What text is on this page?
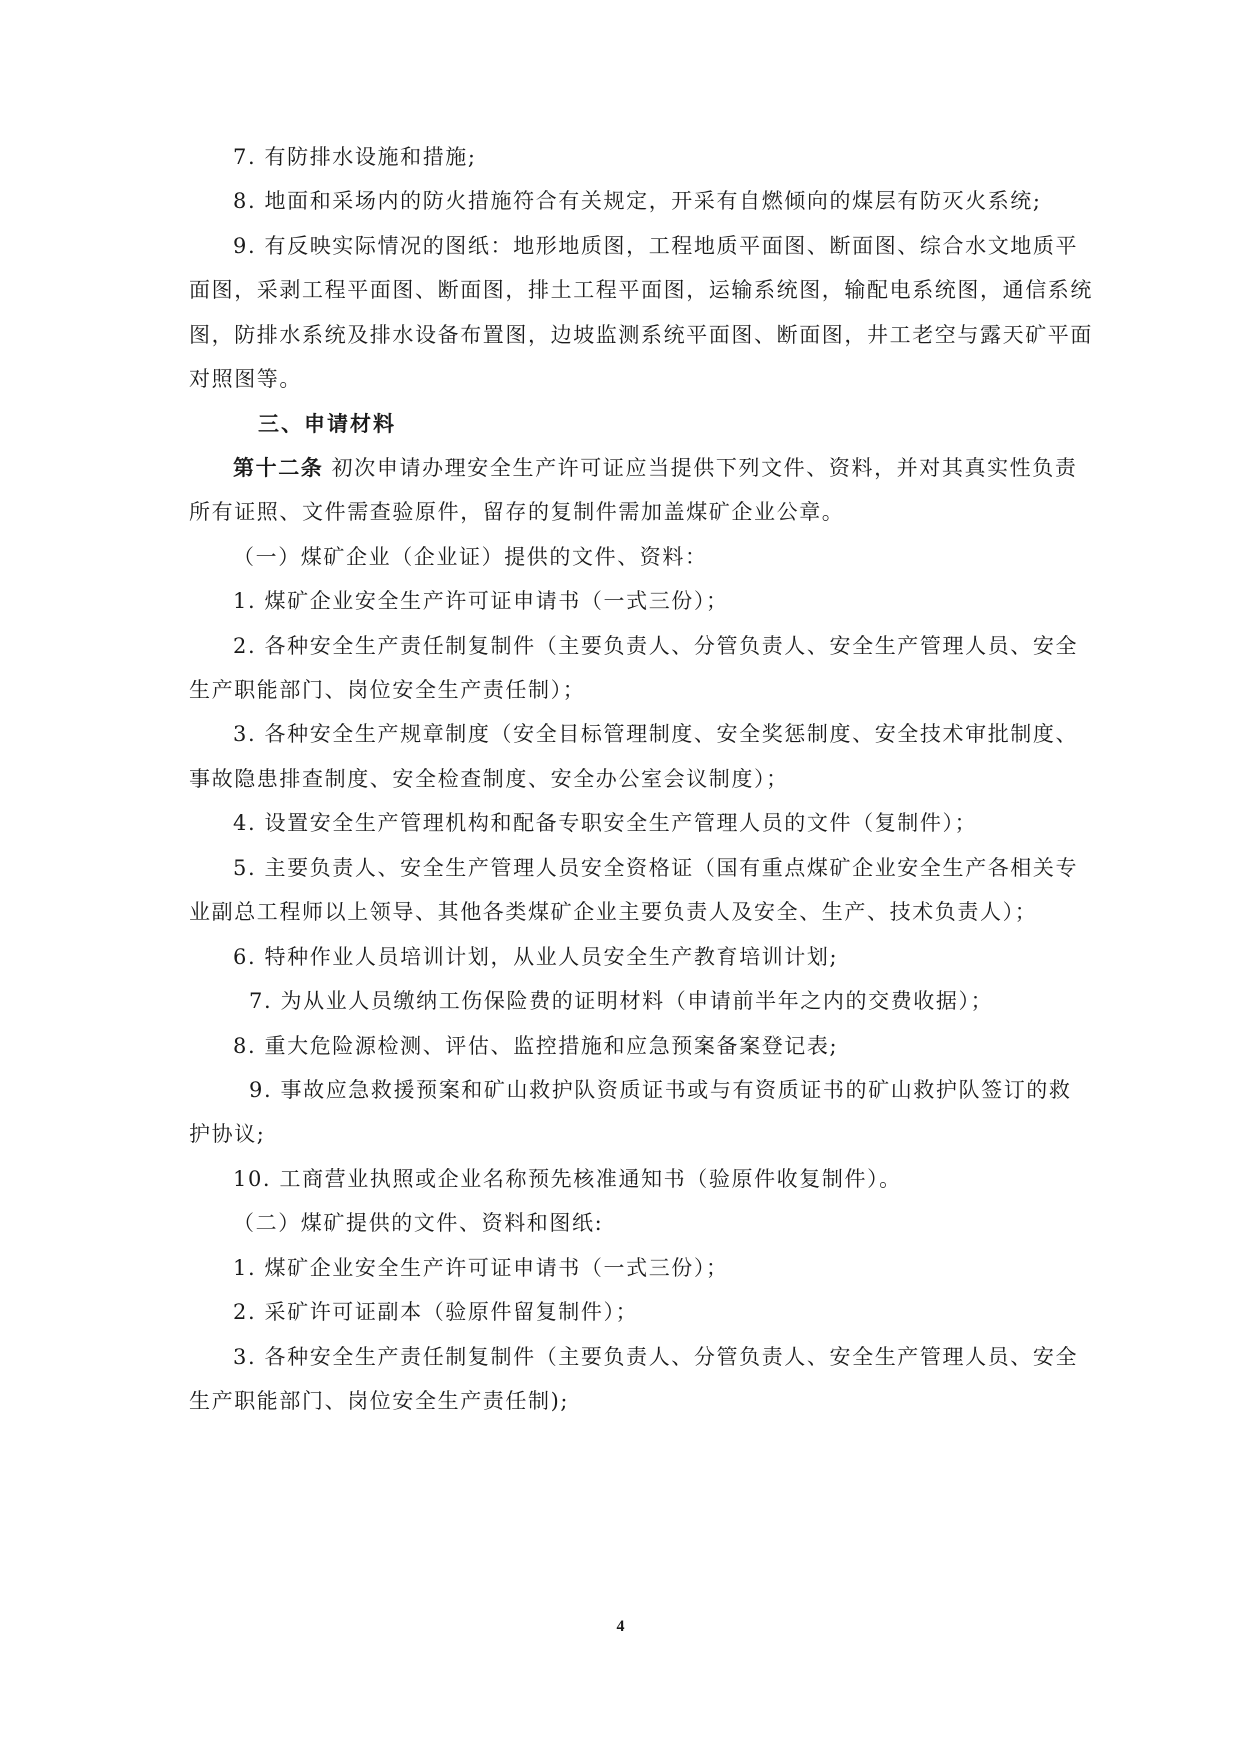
7. 有防排水设施和措施;
8. 地面和采场内的防火措施符合有关规定，开采有自燃倾向的煤层有防灭火系统;
9. 有反映实际情况的图纸：地形地质图，工程地质平面图、断面图、综合水文地质平
面图，采剥工程平面图、断面图，排土工程平面图，运输系统图，输配电系统图，通信系统
图，防排水系统及排水设备布置图，边坡监测系统平面图、断面图，井工老空与露天矿平面
对照图等。
三、申请材料
第十二条 初次申请办理安全生产许可证应当提供下列文件、资料，并对其真实性负责
所有证照、文件需查验原件，留存的复制件需加盖煤矿企业公章。
（一）煤矿企业（企业证）提供的文件、资料：
1. 煤矿企业安全生产许可证申请书（一式三份）；
2. 各种安全生产责任制复制件（主要负责人、分管负责人、安全生产管理人员、安全
生产职能部门、岗位安全生产责任制）；
3. 各种安全生产规章制度（安全目标管理制度、安全奖惩制度、安全技术审批制度、
事故隐患排查制度、安全检查制度、安全办公室会议制度）；
4. 设置安全生产管理机构和配备专职安全生产管理人员的文件（复制件）；
5. 主要负责人、安全生产管理人员安全资格证（国有重点煤矿企业安全生产各相关专
业副总工程师以上领导、其他各类煤矿企业主要负责人及安全、生产、技术负责人）；
6. 特种作业人员培训计划，从业人员安全生产教育培训计划;
7. 为从业人员缴纳工伤保险费的证明材料（申请前半年之内的交费收据）；
8. 重大危险源检测、评估、监控措施和应急预案备案登记表;
9. 事故应急救援预案和矿山救护队资质证书或与有资质证书的矿山救护队签订的救
护协议;
10. 工商营业执照或企业名称预先核准通知书（验原件收复制件）。
（二）煤矿提供的文件、资料和图纸:
1. 煤矿企业安全生产许可证申请书（一式三份）；
2. 采矿许可证副本（验原件留复制件）；
3. 各种安全生产责任制复制件（主要负责人、分管负责人、安全生产管理人员、安全
生产职能部门、岗位安全生产责任制);
4
